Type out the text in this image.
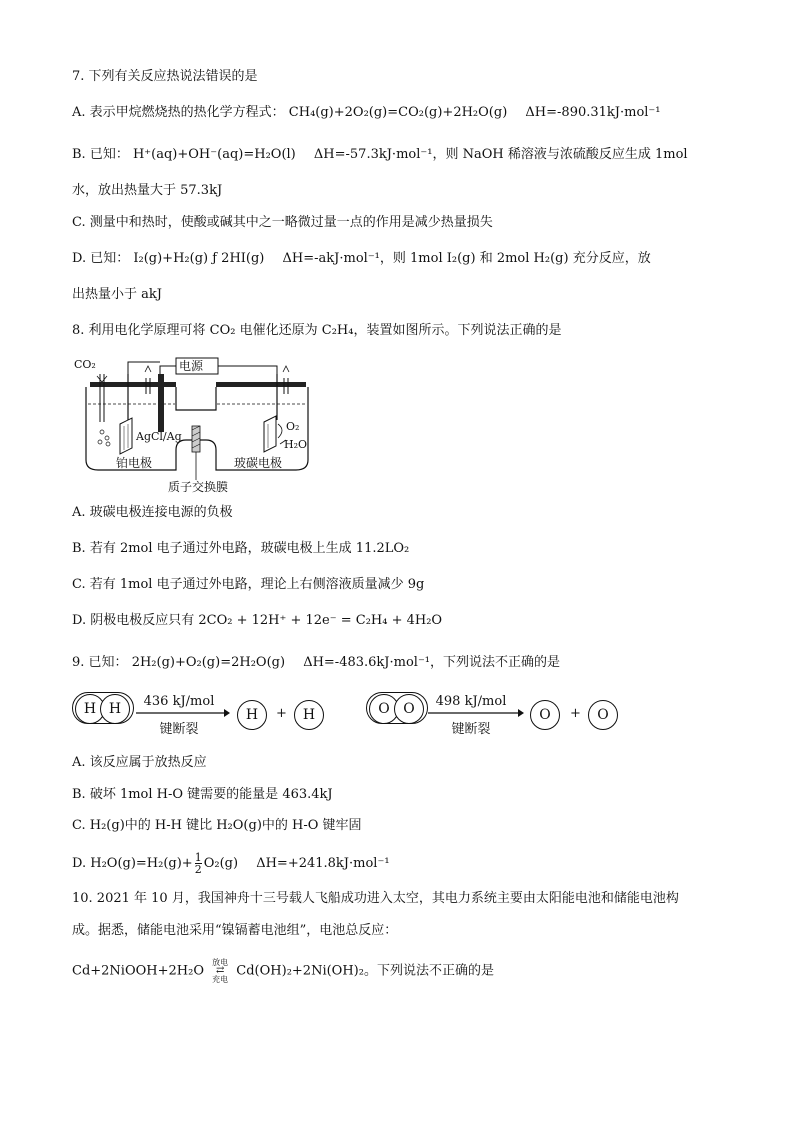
7. 下列有关反应热说法错误的是
A. 表示甲烷燃烧热的热化学方程式： CH₄(g)+2O₂(g)=CO₂(g)+2H₂O(g) ΔH=-890.31kJ·mol⁻¹
B. 已知： H⁺(aq)+OH⁻(aq)=H₂O(l) ΔH=-57.3kJ·mol⁻¹，则 NaOH 稀溶液与浓硫酸反应生成 1mol
水，放出热量大于 57.3kJ
C. 测量中和热时，使酸或碱其中之一略微过量一点的作用是减少热量损失
D. 已知： I₂(g)+H₂(g) ƒ 2HI(g) ΔH=-akJ·mol⁻¹，则 1mol I₂(g) 和 2mol H₂(g) 充分反应，放
出热量小于 akJ
8. 利用电化学原理可将 CO₂ 电催化还原为 C₂H₄，装置如图所示。下列说法正确的是
CO₂	电源
AgCl/Ag
O₂
H₂O
铂电极	玻碳电极
质子交换膜
A. 玻碳电极连接电源的负极
B. 若有 2mol 电子通过外电路，玻碳电极上生成 11.2LO₂
C. 若有 1mol 电子通过外电路，理论上右侧溶液质量减少 9g
D. 阴极电极反应只有 2CO₂ + 12H⁺ + 12e⁻ = C₂H₄ + 4H₂O
9. 已知： 2H₂(g)+O₂(g)=2H₂O(g) ΔH=-483.6kJ·mol⁻¹，下列说法不正确的是
H H	436 kJ/mol
键断裂
H	+	H	O O	498 kJ/mol
键断裂
O	+	O
A. 该反应属于放热反应
B. 破坏 1mol H-O 键需要的能量是 463.4kJ
C. H₂(g)中的 H-H 键比 H₂O(g)中的 H-O 键牢固
D. $H_2O(g)=H_2(g)+ \frac{1}{2} O_2(g)$ ΔH=+241.8kJ·mol⁻¹
10. 2021 年 10 月，我国神舟十三号载人飞船成功进入太空，其电力系统主要由太阳能电池和储能电池构
成。据悉，储能电池采用“镍镉蓄电池组”，电池总反应：
Cd+2NiOOH+2H₂O
放电
⇄
充电
Cd(OH)₂+2Ni(OH)₂。下列说法不正确的是
